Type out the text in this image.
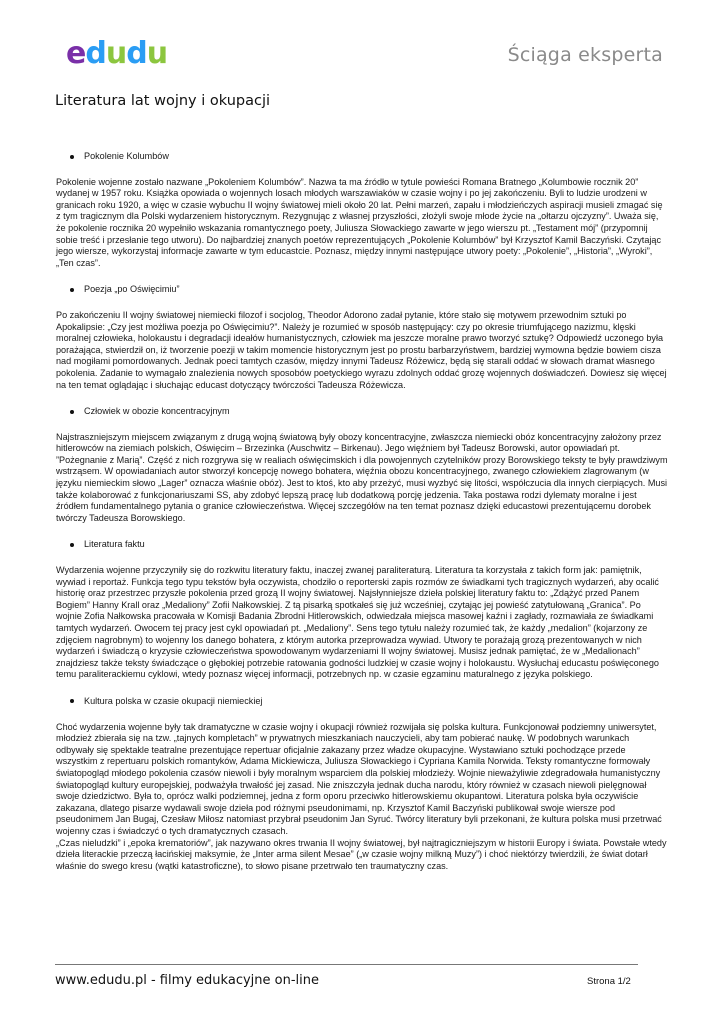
edudu	Ściąga eksperta
Literatura lat wojny i okupacji

Pokolenie Kolumbów

Pokolenie wojenne zostało nazwane „Pokoleniem Kolumbów”. Nazwa ta ma źródło w tytule powieści Romana Bratnego „Kolumbowie rocznik 20” wydanej w 1957 roku. Książka opowiada o wojennych losach młodych warszawiaków w czasie wojny i po jej zakończeniu. Byli to ludzie urodzeni w granicach roku 1920, a więc w czasie wybuchu II wojny światowej mieli około 20 lat. Pełni marzeń, zapału i młodzieńczych aspiracji musieli zmagać się z tym tragicznym dla Polski wydarzeniem historycznym. Rezygnując z własnej przyszłości, złożyli swoje młode życie na „ołtarzu ojczyzny”. Uważa się, że pokolenie rocznika 20 wypełniło wskazania romantycznego poety, Juliusza Słowackiego zawarte w jego wierszu pt. „Testament mój” (przypomnij sobie treść i przesłanie tego utworu). Do najbardziej znanych poetów reprezentujących „Pokolenie Kolumbów” był Krzysztof Kamil Baczyński. Czytając jego wiersze, wykorzystaj informacje zawarte w tym educastcie. Poznasz, między innymi następujące utwory poety: „Pokolenie”, „Historia”, „Wyroki”, „Ten czas”.

Poezja „po Oświęcimiu”

Po zakończeniu II wojny światowej niemiecki filozof i socjolog, Theodor Adorono zadał pytanie, które stało się motywem przewodnim sztuki po Apokalipsie: „Czy jest możliwa poezja po Oświęcimiu?”. Należy je rozumieć w sposób następujący: czy po okresie triumfującego nazizmu, klęski moralnej człowieka, holokaustu i degradacji ideałów humanistycznych, człowiek ma jeszcze moralne prawo tworzyć sztukę? Odpowiedź uczonego była porażająca, stwierdził on, iż tworzenie poezji w takim momencie historycznym jest po prostu barbarzyństwem, bardziej wymowna będzie bowiem cisza nad mogiłami pomordowanych. Jednak poeci tamtych czasów, między innymi Tadeusz Różewicz, będą się starali oddać w słowach dramat własnego pokolenia. Zadanie to wymagało znalezienia nowych sposobów poetyckiego wyrazu zdolnych oddać grozę wojennych doświadczeń. Dowiesz się więcej na ten temat oglądając i słuchając educast dotyczący twórczości Tadeusza Różewicza.

Człowiek w obozie koncentracyjnym

Najstraszniejszym miejscem związanym z drugą wojną światową były obozy koncentracyjne, zwłaszcza niemiecki obóz koncentracyjny założony przez hitlerowców na ziemiach polskich, Oświęcim – Brzezinka (Auschwitz – Birkenau). Jego więźniem był Tadeusz Borowski, autor opowiadań pt. ”Pożegnanie z Marią”. Część z nich rozgrywa się w realiach oświęcimskich i dla powojennych czytelników prozy Borowskiego teksty te były prawdziwym wstrząsem. W opowiadaniach autor stworzył koncepcję nowego bohatera, więźnia obozu koncentracyjnego, zwanego człowiekiem zlagrowanym (w języku niemieckim słowo „Lager” oznacza właśnie obóz). Jest to ktoś, kto aby przeżyć, musi wyzbyć się litości, współczucia dla innych cierpiących. Musi także kolaborować z funkcjonariuszami SS, aby zdobyć lepszą pracę lub dodatkową porcję jedzenia. Taka postawa rodzi dylematy moralne i jest źródłem fundamentalnego pytania o granice człowieczeństwa. Więcej szczegółów na ten temat poznasz dzięki educastowi prezentującemu dorobek twórczy Tadeusza Borowskiego.

Literatura faktu

Wydarzenia wojenne przyczyniły się do rozkwitu literatury faktu, inaczej zwanej paraliteraturą. Literatura ta korzystała z takich form jak: pamiętnik, wywiad i reportaż. Funkcja tego typu tekstów była oczywista, chodziło o reporterski zapis rozmów ze świadkami tych tragicznych wydarzeń, aby ocalić historię oraz przestrzec przyszłe pokolenia przed grozą II wojny światowej. Najsłynniejsze dzieła polskiej literatury faktu to: „Zdążyć przed Panem Bogiem” Hanny Krall oraz „Medaliony” Zofii Nałkowskiej. Z tą pisarką spotkałeś się już wcześniej, czytając jej powieść zatytułowaną „Granica”. Po wojnie Zofia Nałkowska pracowała w Komisji Badania Zbrodni Hitlerowskich, odwiedzała miejsca masowej kaźni i zagłady, rozmawiała ze świadkami tamtych wydarzeń. Owocem tej pracy jest cykl opowiadań pt. „Medaliony”. Sens tego tytułu należy rozumieć tak, że każdy „medalion” (kojarzony ze zdjęciem nagrobnym) to wojenny los danego bohatera, z którym autorka przeprowadza wywiad. Utwory te porażają grozą prezentowanych w nich wydarzeń i świadczą o kryzysie człowieczeństwa spowodowanym wydarzeniami II wojny światowej. Musisz jednak pamiętać, że w „Medalionach” znajdziesz także teksty świadczące o głębokiej potrzebie ratowania godności ludzkiej w czasie wojny i holokaustu. Wysłuchaj educastu poświęconego temu paraliterackiemu cyklowi, wtedy poznasz więcej informacji, potrzebnych np. w czasie egzaminu maturalnego z języka polskiego.

Kultura polska w czasie okupacji niemieckiej

Choć wydarzenia wojenne były tak dramatyczne w czasie wojny i okupacji również rozwijała się polska kultura. Funkcjonował podziemny uniwersytet, młodzież zbierała się na tzw. „tajnych kompletach” w prywatnych mieszkaniach nauczycieli, aby tam pobierać naukę. W podobnych warunkach odbywały się spektakle teatralne prezentujące repertuar oficjalnie zakazany przez władze okupacyjne. Wystawiano sztuki pochodzące przede wszystkim z repertuaru polskich romantyków, Adama Mickiewicza, Juliusza Słowackiego i Cypriana Kamila Norwida. Teksty romantyczne formowały światopogląd młodego pokolenia czasów niewoli i były moralnym wsparciem dla polskiej młodzieży. Wojnie nieważyliwie zdegradowała humanistyczny światopogląd kultury europejskiej, podważyła trwałość jej zasad. Nie zniszczyła jednak ducha narodu, który również w czasach niewoli pielęgnował swoje dziedzictwo. Była to, oprócz walki podziemnej, jedna z form oporu przeciwko hitlerowskiemu okupantowi. Literatura polska była oczywiście zakazana, dlatego pisarze wydawali swoje dzieła pod różnymi pseudonimami, np. Krzysztof Kamil Baczyński publikował swoje wiersze pod pseudonimem Jan Bugaj, Czesław Miłosz natomiast przybrał pseudonim Jan Syruć. Twórcy literatury byli przekonani, że kultura polska musi przetrwać wojenny czas i świadczyć o tych dramatycznych czasach.

„Czas nieludzki” i „epoka krematoriów”, jak nazywano okres trwania II wojny światowej, był najtragiczniejszym w historii Europy i świata. Powstałe wtedy dzieła literackie przeczą łacińskiej maksymie, że „Inter arma silent Mesae” („w czasie wojny milkną Muzy”) i choć niektórzy twierdzili, że świat dotarł właśnie do swego kresu (wątki katastroficzne), to słowo pisane przetrwało ten traumatyczny czas.

www.edudu.pl - filmy edukacyjne on-line	Strona 1/2
